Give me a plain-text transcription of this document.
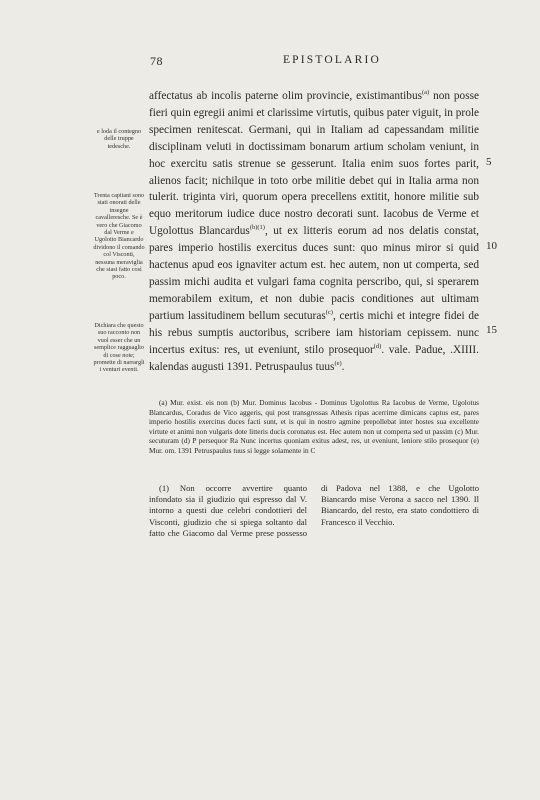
78	EPISTOLARIO
e loda il contegno delle truppe tedesche.
Trenta capitani sono stati onorati delle insegne cavalleresche. Se è vero che Giacomo dal Verme e Ugolotto Biancardo dividono il comando col Visconti, nessuna meraviglia che siasi fatto così poco.
Dichiara che questo suo racconto non vuol esser che un semplice ragguaglio di cose note; promette di narrargli i venturi eventi.

affectatus ab incolis paterne olim provincie, existimantibus$^{(a)}$ non posse fieri quin egregii animi et clarissime virtutis, quibus pater viguit, in prole specimen renitescat. Germani, qui in Italiam ad capessandam militie disciplinam veluti in doctissimam bonarum artium scholam veniunt, in hoc exercitu satis strenue se gesserunt. Italia enim suos fortes parit, alienos facit; nichilque in toto orbe militie debet qui in Italia arma non tulerit. triginta viri, quorum opera precellens extitit, honore militie sub equo meritorum iudice duce nostro decorati sunt. Iacobus de Verme et Ugolottus Blancardus$^{(b)(1)}$, ut ex litteris eorum ad nos delatis constat, pares imperio hostilis exercitus duces sunt: quo minus miror si quid hactenus apud eos ignaviter actum est. hec autem, non ut comperta, sed passim michi audita et vulgari fama cognita perscribo, qui, si sperarem memorabilem exitum, et non dubie pacis conditiones aut ultimam partium lassitudinem bellum secuturas$^{(c)}$, certis michi et integre fidei de his rebus sumptis auctoribus, scribere iam historiam cepissem. nunc incertus exitus: res, ut eveniunt, stilo prosequor$^{(d)}$. vale. Padue, .XIIII. kalendas augusti 1391. Petruspaulus tuus$^{(e)}$.

5
10
15

(a) Mur. exist. eis non (b) Mur. Dominus Iacobus - Dominus Ugolottus Ra Iacobus de Verme, Ugolotus Blancardus, Coradus de Vico aggeris, qui post transgressas Athesis ripas acerrime dimicans captus est, pares imperio hostilis exercitus duces facti sunt, et is qui in nostro agmine prepollebat inter hostes sua excellente virtute et animi non vulgaris dote litteris ducis coronatus est. Hec autem non ut comperta sed ut passim (c) Mur. secuturam (d) P persequor Ra Nunc incertus quoniam exitus adest, res, ut eveniunt, leniore stilo prosequor (e) Mur. om. 1391 Petruspaulus tuus si legge solamente in C

(1) Non occorre avvertire quanto infondato sia il giudizio qui espresso dal V. intorno a questi due celebri condottieri del Visconti, giudizio che si spiega soltanto dal fatto che Giacomo dal Verme prese possesso di Padova nel 1388, e che Ugolotto Biancardo mise Verona a sacco nel 1390. Il Biancardo, del resto, era stato condottiero di Francesco il Vecchio.
